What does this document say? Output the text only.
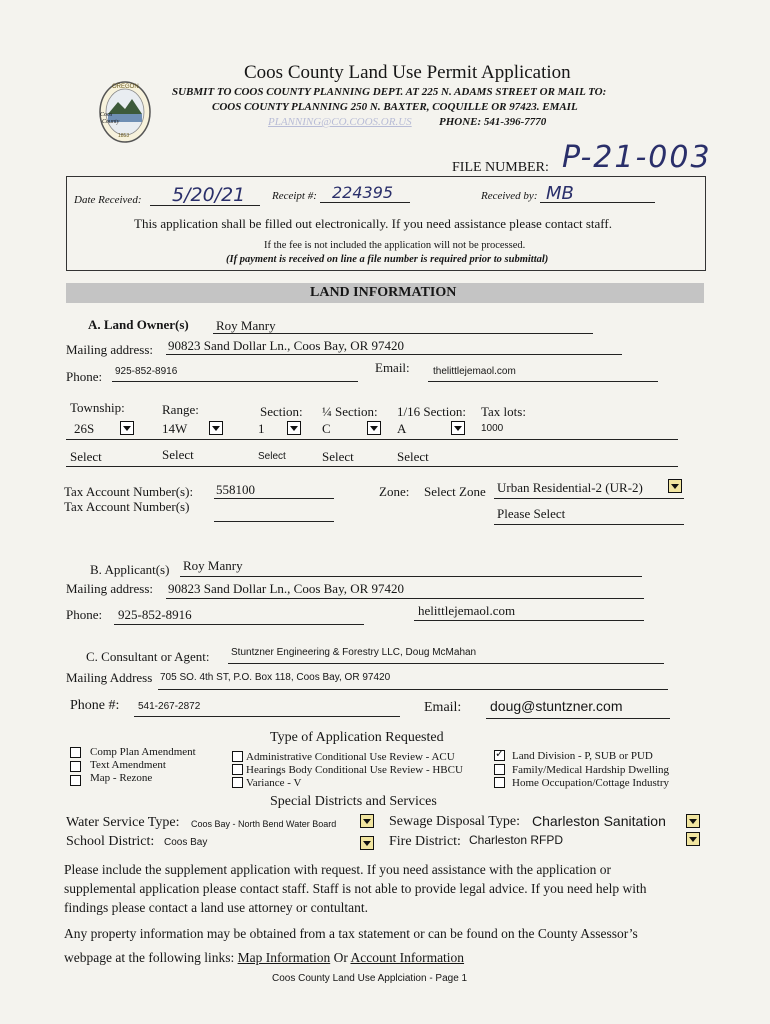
OREGON
Coos
County
1853
Coos County Land Use Permit Application
SUBMIT TO COOS COUNTY PLANNING DEPT. AT 225 N. ADAMS STREET OR MAIL TO:
COOS COUNTY PLANNING 250 N. BAXTER, COQUILLE OR 97423. EMAIL
PLANNING@CO.COOS.OR.US PHONE: 541-396-7770
FILE NUMBER: P-21-003
Date Received: 5/20/21 Receipt #: 224395	Received by: MB
This application shall be filled out electronically. If you need assistance please contact staff.
If the fee is not included the application will not be processed.
(If payment is received on line a file number is required prior to submittal)
LAND INFORMATION
A. Land Owner(s) Roy Manry
Mailing address: 90823 Sand Dollar Ln., Coos Bay, OR 97420
Phone: 925-852-8916	Email: thelittlejemaol.com
Township:	Range:	Section: ¼ Section: 1/16 Section: Tax lots:
26S	14W	1	C	A	1000
Select	Select	Select	Select	Select
Tax Account Number(s): 558100
Tax Account Number(s)
Zone: Select Zone Urban Residential-2 (UR-2)
Please Select
B. Applicant(s) Roy Manry
Mailing address: 90823 Sand Dollar Ln., Coos Bay, OR 97420
Phone: 925-852-8916	helittlejemaol.com
C. Consultant or Agent: Stuntzner Engineering & Forestry LLC, Doug McMahan
Mailing Address 705 SO. 4th ST, P.O. Box 118, Coos Bay, OR 97420
Phone #: 541-267-2872	Email: doug@stuntzner.com
Type of Application Requested
Comp Plan Amendment
Text Amendment
Map - Rezone
Administrative Conditional Use Review - ACU
Hearings Body Conditional Use Review - HBCU
Variance - V
✓ Land Division - P, SUB or PUD
Family/Medical Hardship Dwelling
Home Occupation/Cottage Industry
Special Districts and Services
Water Service Type: Coos Bay - North Bend Water Board	Sewage Disposal Type: Charleston Sanitation
School District: Coos Bay	Fire District: Charleston RFPD
Please include the supplement application with request. If you need assistance with the application or supplemental application please contact staff. Staff is not able to provide legal advice. If you need help with findings please contact a land use attorney or contultant.
Any property information may be obtained from a tax statement or can be found on the County Assessor’s
webpage at the following links: Map Information Or Account Information
Coos County Land Use Applciation - Page 1
